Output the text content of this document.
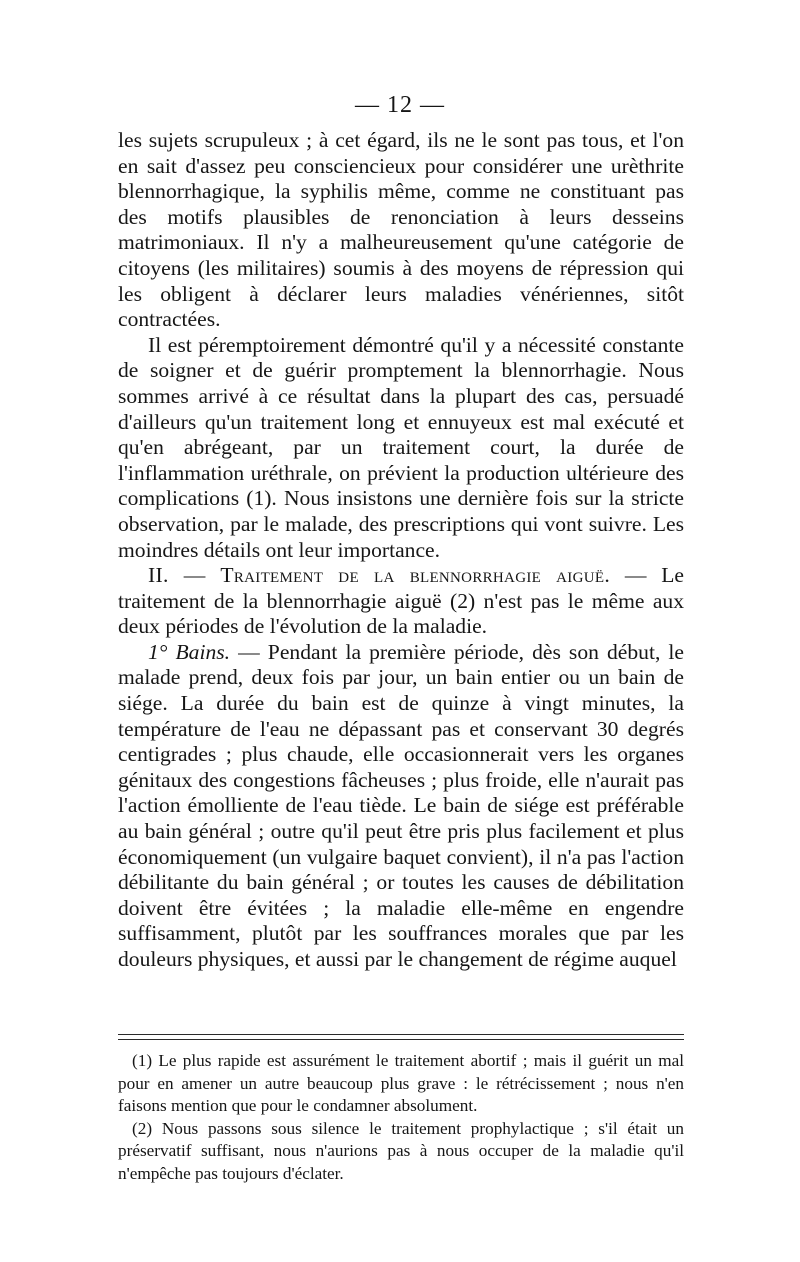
— 12 —

les sujets scrupuleux ; à cet égard, ils ne le sont pas tous, et l'on en sait d'assez peu consciencieux pour considérer une urèthrite blennorrhagique, la syphilis même, comme ne constituant pas des motifs plausibles de renonciation à leurs desseins matrimoniaux. Il n'y a malheureusement qu'une catégorie de citoyens (les militaires) soumis à des moyens de répression qui les obligent à déclarer leurs maladies vénériennes, sitôt contractées.

Il est péremptoirement démontré qu'il y a nécessité constante de soigner et de guérir promptement la blennorrhagie. Nous sommes arrivé à ce résultat dans la plupart des cas, persuadé d'ailleurs qu'un traitement long et ennuyeux est mal exécuté et qu'en abrégeant, par un traitement court, la durée de l'inflammation uréthrale, on prévient la production ultérieure des complications (1). Nous insistons une dernière fois sur la stricte observation, par le malade, des prescriptions qui vont suivre. Les moindres détails ont leur importance.

II. — Traitement de la blennorrhagie aiguë. — Le traitement de la blennorrhagie aiguë (2) n'est pas le même aux deux périodes de l'évolution de la maladie.

1° Bains. — Pendant la première période, dès son début, le malade prend, deux fois par jour, un bain entier ou un bain de siége. La durée du bain est de quinze à vingt minutes, la température de l'eau ne dépassant pas et conservant 30 degrés centigrades ; plus chaude, elle occasionnerait vers les organes génitaux des congestions fâcheuses ; plus froide, elle n'aurait pas l'action émolliente de l'eau tiède. Le bain de siége est préférable au bain général ; outre qu'il peut être pris plus facilement et plus économiquement (un vulgaire baquet convient), il n'a pas l'action débilitante du bain général ; or toutes les causes de débilitation doivent être évitées ; la maladie elle-même en engendre suffisamment, plutôt par les souffrances morales que par les douleurs physiques, et aussi par le changement de régime auquel

(1) Le plus rapide est assurément le traitement abortif ; mais il guérit un mal pour en amener un autre beaucoup plus grave : le rétrécissement ; nous n'en faisons mention que pour le condamner absolument.

(2) Nous passons sous silence le traitement prophylactique ; s'il était un préservatif suffisant, nous n'aurions pas à nous occuper de la maladie qu'il n'empêche pas toujours d'éclater.
